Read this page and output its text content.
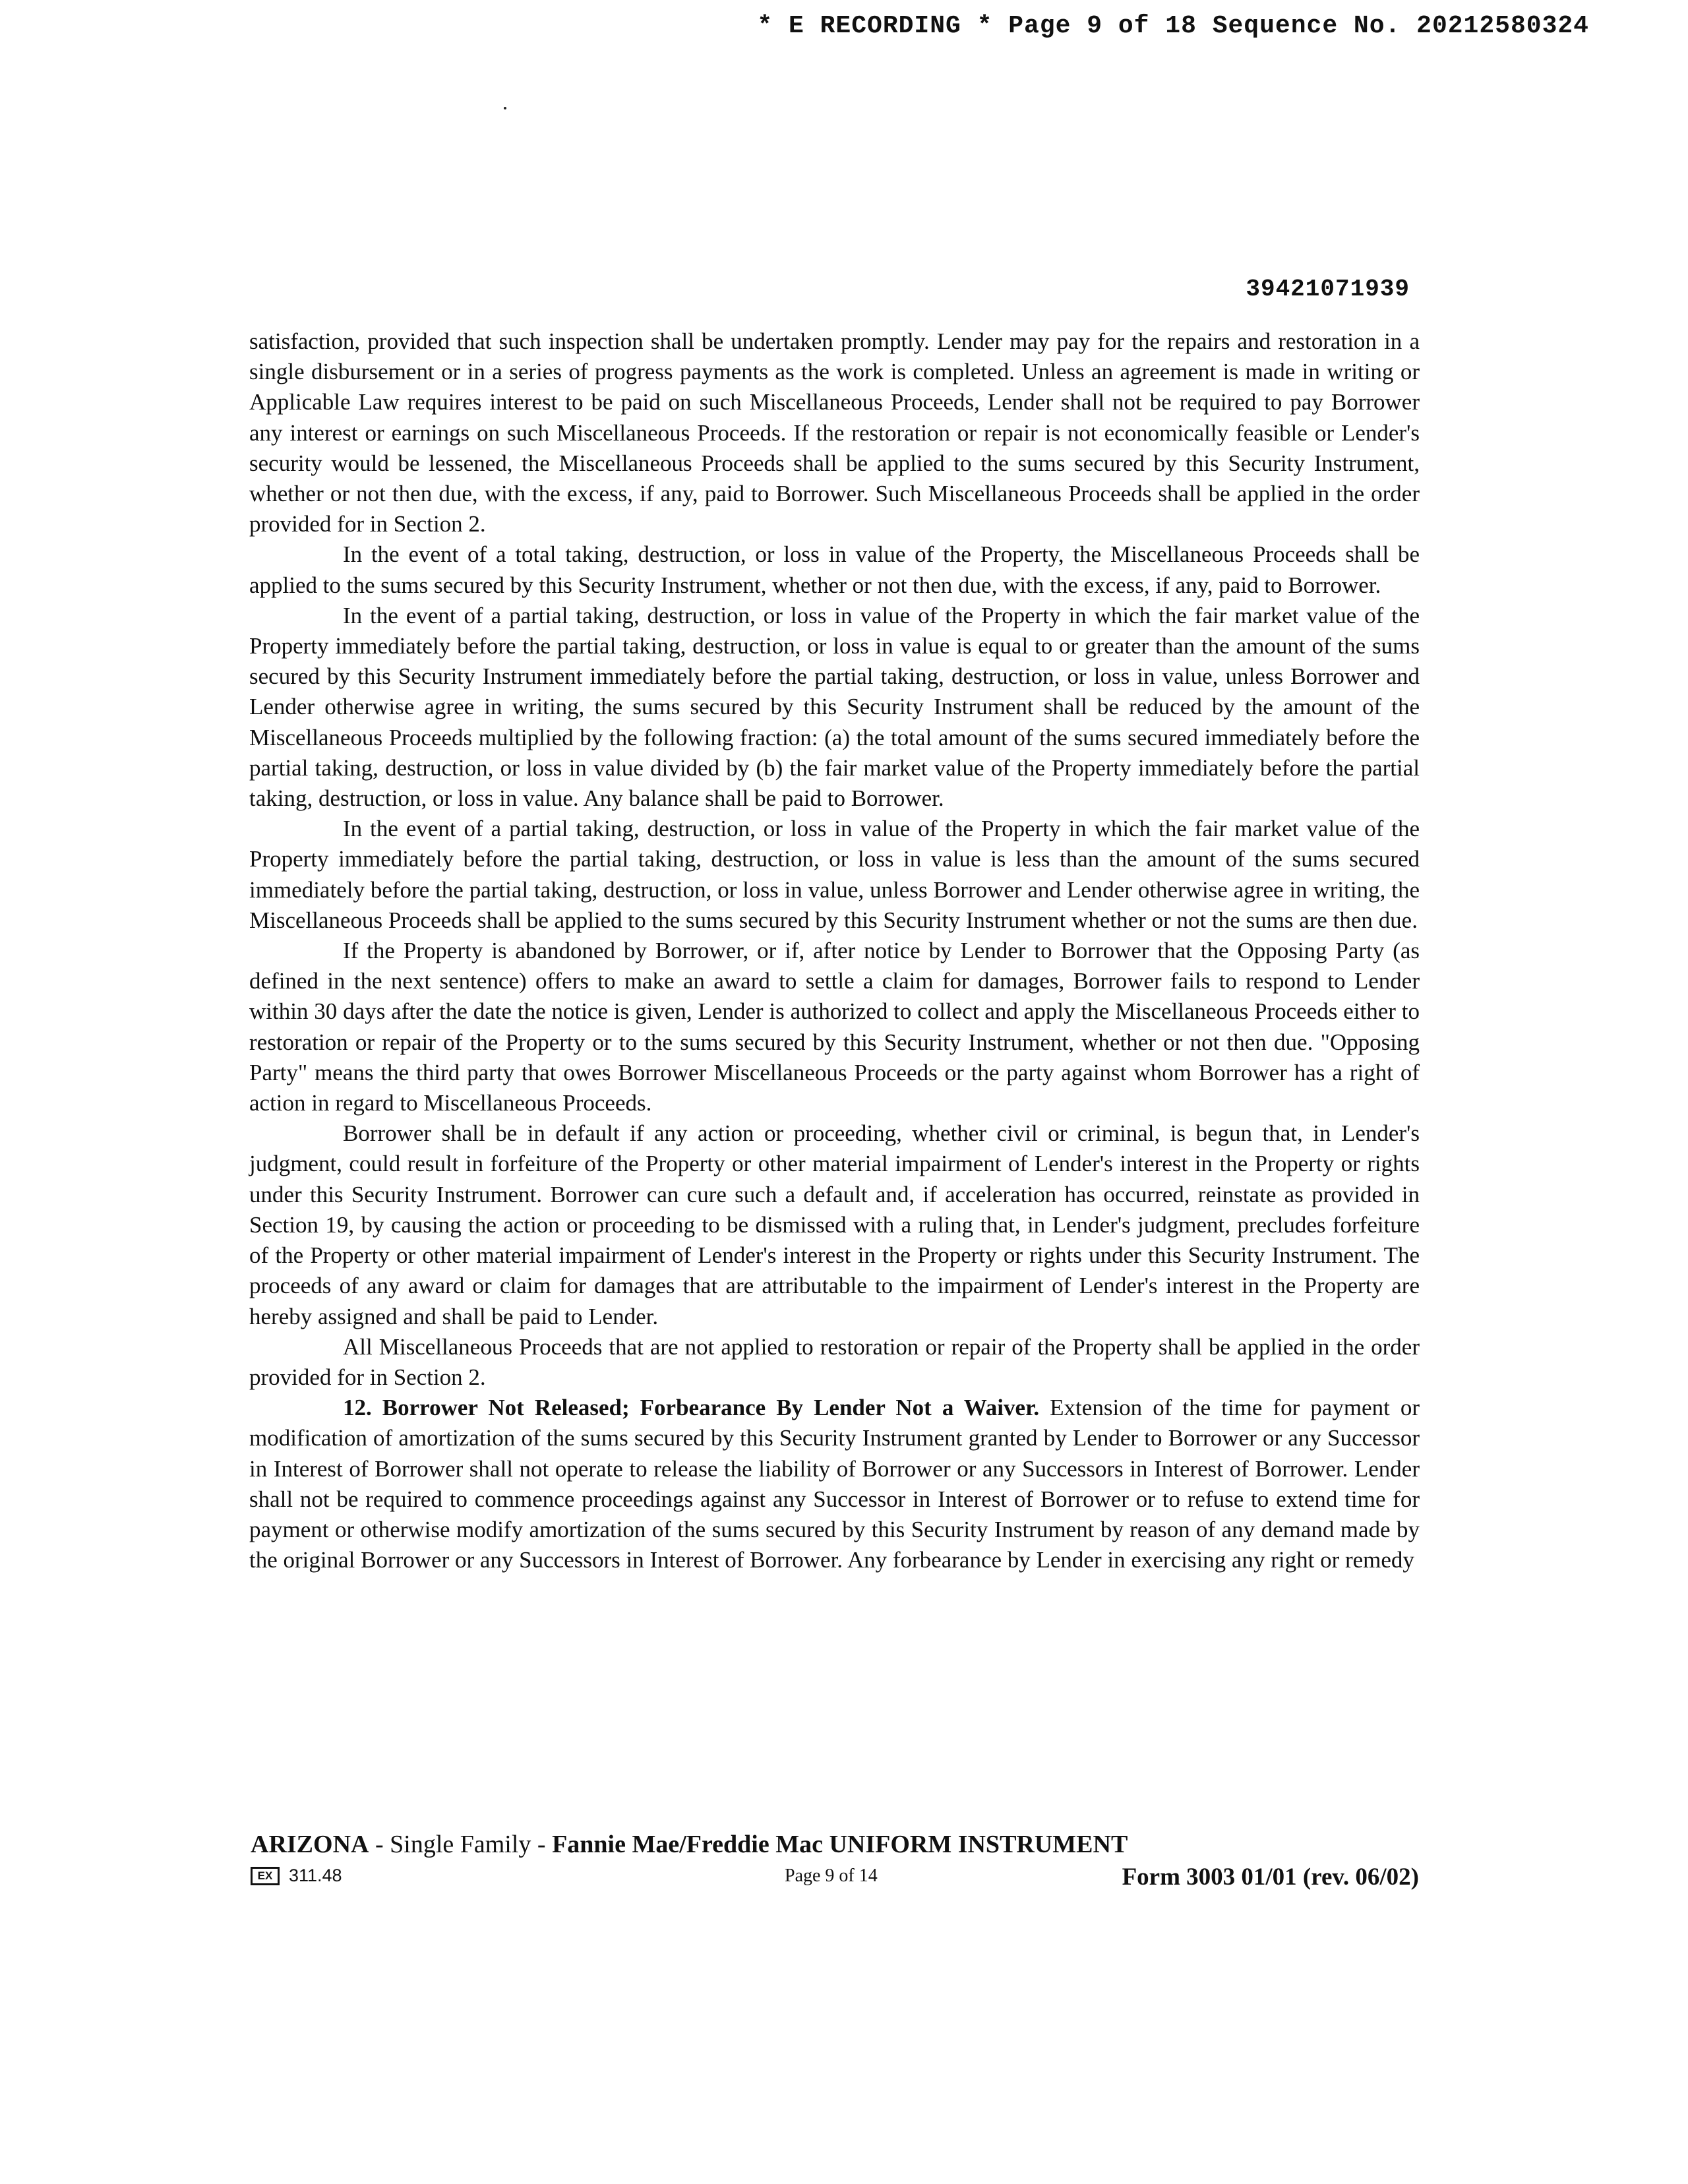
* E RECORDING * Page 9 of 18 Sequence No. 20212580324
39421071939

satisfaction, provided that such inspection shall be undertaken promptly. Lender may pay for the repairs and restoration in a single disbursement or in a series of progress payments as the work is completed. Unless an agreement is made in writing or Applicable Law requires interest to be paid on such Miscellaneous Proceeds, Lender shall not be required to pay Borrower any interest or earnings on such Miscellaneous Proceeds. If the restoration or repair is not economically feasible or Lender's security would be lessened, the Miscellaneous Proceeds shall be applied to the sums secured by this Security Instrument, whether or not then due, with the excess, if any, paid to Borrower. Such Miscellaneous Proceeds shall be applied in the order provided for in Section 2.

In the event of a total taking, destruction, or loss in value of the Property, the Miscellaneous Proceeds shall be applied to the sums secured by this Security Instrument, whether or not then due, with the excess, if any, paid to Borrower.

In the event of a partial taking, destruction, or loss in value of the Property in which the fair market value of the Property immediately before the partial taking, destruction, or loss in value is equal to or greater than the amount of the sums secured by this Security Instrument immediately before the partial taking, destruction, or loss in value, unless Borrower and Lender otherwise agree in writing, the sums secured by this Security Instrument shall be reduced by the amount of the Miscellaneous Proceeds multiplied by the following fraction: (a) the total amount of the sums secured immediately before the partial taking, destruction, or loss in value divided by (b) the fair market value of the Property immediately before the partial taking, destruction, or loss in value. Any balance shall be paid to Borrower.

In the event of a partial taking, destruction, or loss in value of the Property in which the fair market value of the Property immediately before the partial taking, destruction, or loss in value is less than the amount of the sums secured immediately before the partial taking, destruction, or loss in value, unless Borrower and Lender otherwise agree in writing, the Miscellaneous Proceeds shall be applied to the sums secured by this Security Instrument whether or not the sums are then due.

If the Property is abandoned by Borrower, or if, after notice by Lender to Borrower that the Opposing Party (as defined in the next sentence) offers to make an award to settle a claim for damages, Borrower fails to respond to Lender within 30 days after the date the notice is given, Lender is authorized to collect and apply the Miscellaneous Proceeds either to restoration or repair of the Property or to the sums secured by this Security Instrument, whether or not then due. "Opposing Party" means the third party that owes Borrower Miscellaneous Proceeds or the party against whom Borrower has a right of action in regard to Miscellaneous Proceeds.

Borrower shall be in default if any action or proceeding, whether civil or criminal, is begun that, in Lender's judgment, could result in forfeiture of the Property or other material impairment of Lender's interest in the Property or rights under this Security Instrument. Borrower can cure such a default and, if acceleration has occurred, reinstate as provided in Section 19, by causing the action or proceeding to be dismissed with a ruling that, in Lender's judgment, precludes forfeiture of the Property or other material impairment of Lender's interest in the Property or rights under this Security Instrument. The proceeds of any award or claim for damages that are attributable to the impairment of Lender's interest in the Property are hereby assigned and shall be paid to Lender.

All Miscellaneous Proceeds that are not applied to restoration or repair of the Property shall be applied in the order provided for in Section 2.

12. Borrower Not Released; Forbearance By Lender Not a Waiver. Extension of the time for payment or modification of amortization of the sums secured by this Security Instrument granted by Lender to Borrower or any Successor in Interest of Borrower shall not operate to release the liability of Borrower or any Successors in Interest of Borrower. Lender shall not be required to commence proceedings against any Successor in Interest of Borrower or to refuse to extend time for payment or otherwise modify amortization of the sums secured by this Security Instrument by reason of any demand made by the original Borrower or any Successors in Interest of Borrower. Any forbearance by Lender in exercising any right or remedy

ARIZONA - Single Family - Fannie Mae/Freddie Mac UNIFORM INSTRUMENT
EX 311.48	Page 9 of 14	Form 3003 01/01 (rev. 06/02)
